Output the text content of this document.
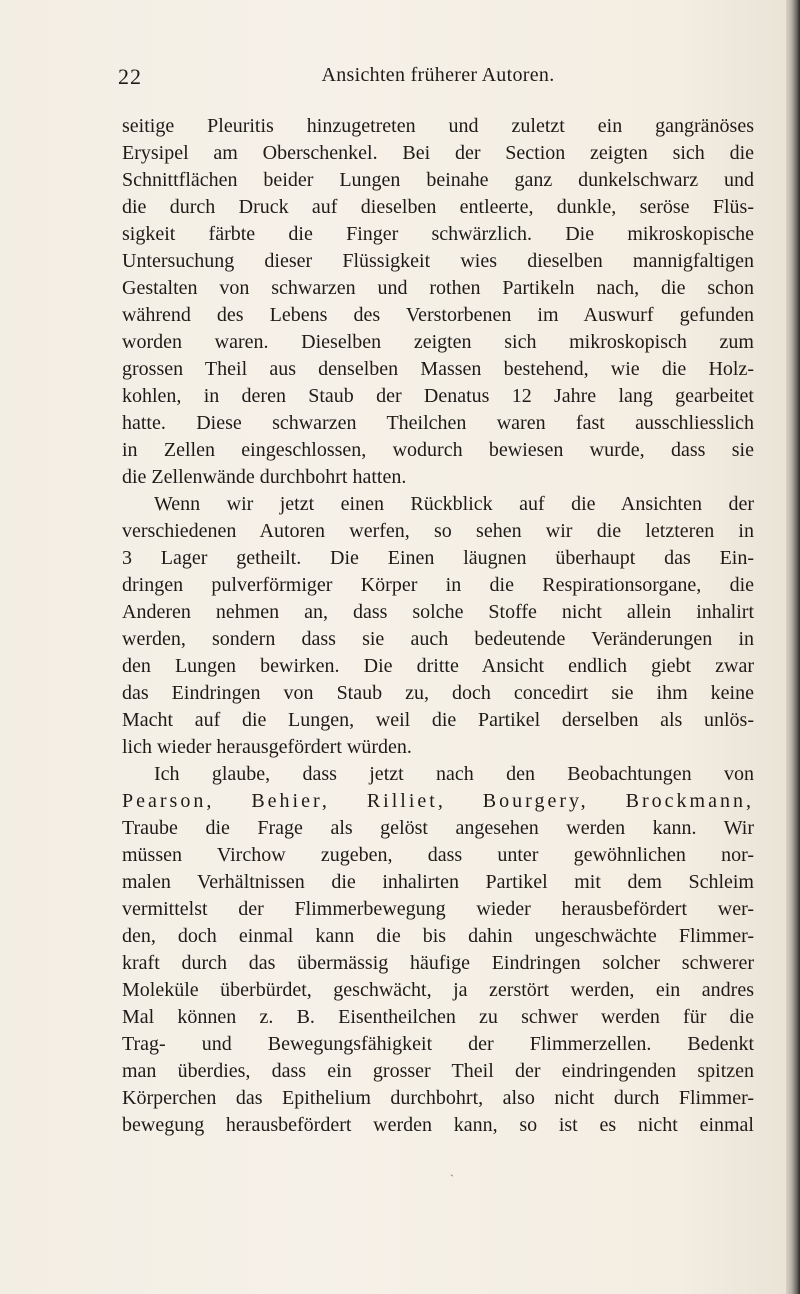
22	Ansichten früherer Autoren.
seitige Pleuritis hinzugetreten und zuletzt ein gangränöses
Erysipel am Oberschenkel. Bei der Section zeigten sich die
Schnittflächen beider Lungen beinahe ganz dunkelschwarz und
die durch Druck auf dieselben entleerte, dunkle, seröse Flüs-
sigkeit färbte die Finger schwärzlich. Die mikroskopische
Untersuchung dieser Flüssigkeit wies dieselben mannigfaltigen
Gestalten von schwarzen und rothen Partikeln nach, die schon
während des Lebens des Verstorbenen im Auswurf gefunden
worden waren. Dieselben zeigten sich mikroskopisch zum
grossen Theil aus denselben Massen bestehend, wie die Holz-
kohlen, in deren Staub der Denatus 12 Jahre lang gearbeitet
hatte. Diese schwarzen Theilchen waren fast ausschliesslich
in Zellen eingeschlossen, wodurch bewiesen wurde, dass sie
die Zellenwände durchbohrt hatten.
Wenn wir jetzt einen Rückblick auf die Ansichten der
verschiedenen Autoren werfen, so sehen wir die letzteren in
3 Lager getheilt. Die Einen läugnen überhaupt das Ein-
dringen pulverförmiger Körper in die Respirationsorgane, die
Anderen nehmen an, dass solche Stoffe nicht allein inhalirt
werden, sondern dass sie auch bedeutende Veränderungen in
den Lungen bewirken. Die dritte Ansicht endlich giebt zwar
das Eindringen von Staub zu, doch concedirt sie ihm keine
Macht auf die Lungen, weil die Partikel derselben als unlös-
lich wieder herausgefördert würden.
Ich glaube, dass jetzt nach den Beobachtungen von
Pearson, Behier, Rilliet, Bourgery, Brockmann,
Traube die Frage als gelöst angesehen werden kann. Wir
müssen Virchow zugeben, dass unter gewöhnlichen nor-
malen Verhältnissen die inhalirten Partikel mit dem Schleim
vermittelst der Flimmerbewegung wieder herausbefördert wer-
den, doch einmal kann die bis dahin ungeschwächte Flimmer-
kraft durch das übermässig häufige Eindringen solcher schwerer
Moleküle überbürdet, geschwächt, ja zerstört werden, ein andres
Mal können z. B. Eisentheilchen zu schwer werden für die
Trag- und Bewegungsfähigkeit der Flimmerzellen. Bedenkt
man überdies, dass ein grosser Theil der eindringenden spitzen
Körperchen das Epithelium durchbohrt, also nicht durch Flimmer-
bewegung herausbefördert werden kann, so ist es nicht einmal
ˎ
